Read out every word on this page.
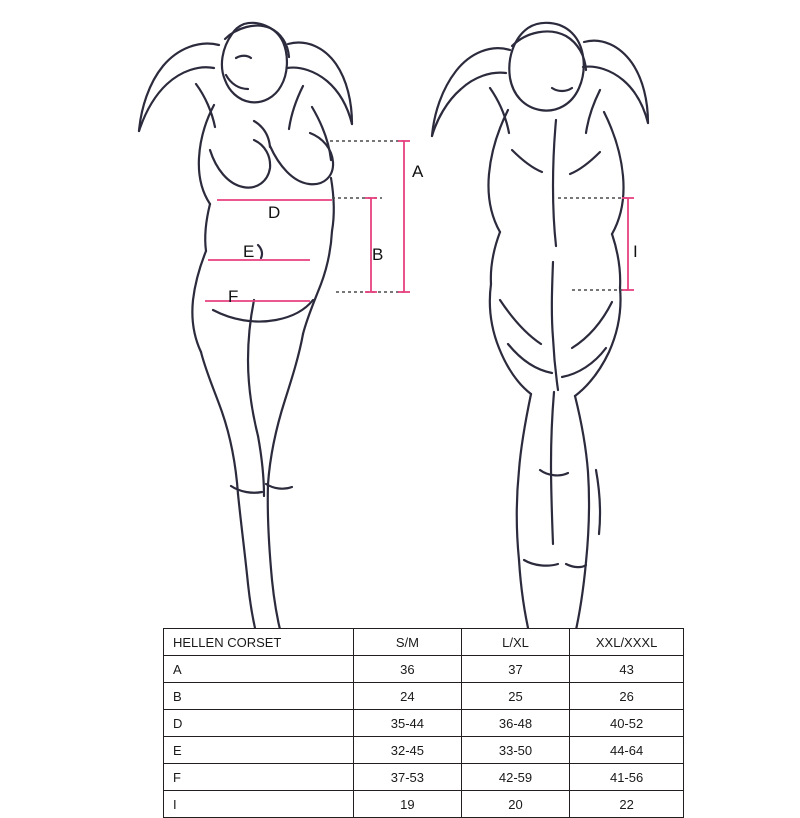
A
D
B
E
F
I
HELLEN CORSET	S/M	L/XL	XXL/XXXL
A	36	37	43
B	24	25	26
D	35-44	36-48	40-52
E	32-45	33-50	44-64
F	37-53	42-59	41-56
I	19	20	22
